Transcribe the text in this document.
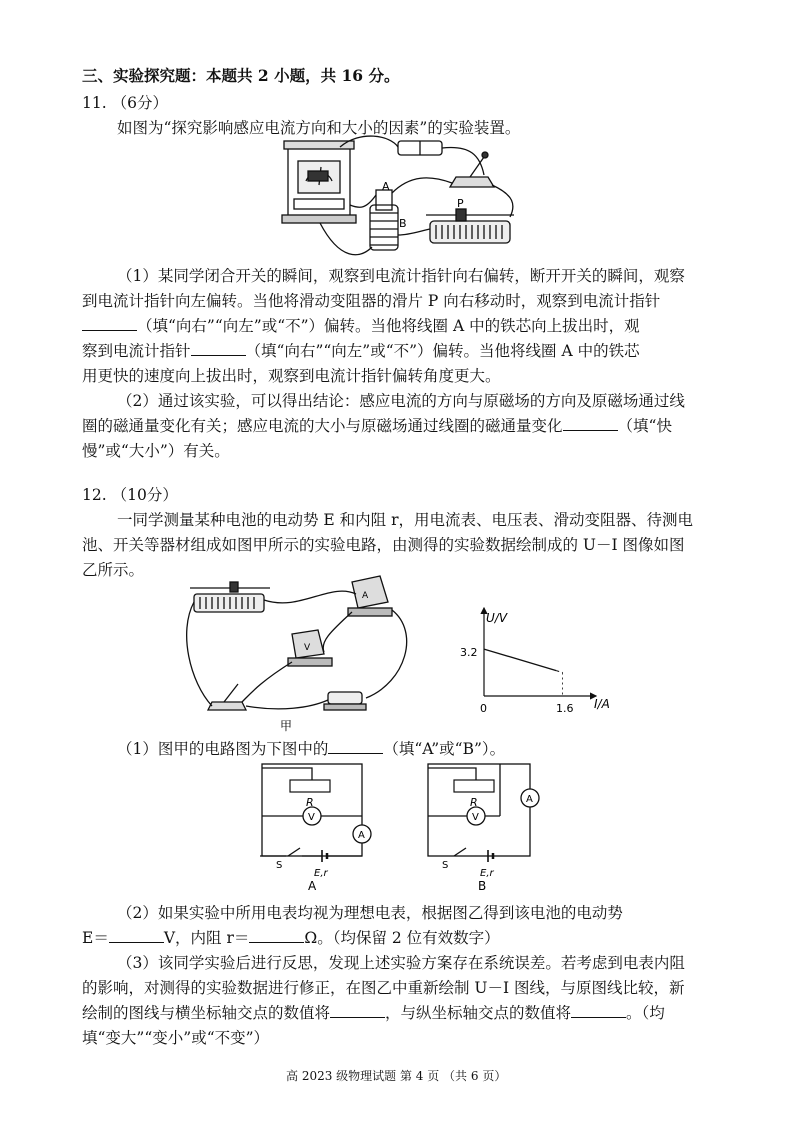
三、实验探究题：本题共 2 小题，共 16 分。
11. （6分）
如图为“探究影响感应电流方向和大小的因素”的实验装置。
A
B
P
（1）某同学闭合开关的瞬间，观察到电流计指针向右偏转，断开开关的瞬间，观察
到电流计指针向左偏转。当他将滑动变阻器的滑片 P 向右移动时，观察到电流计指针
（填“向右”“向左”或“不”）偏转。当他将线圈 A 中的铁芯向上拔出时，观
察到电流计指针	（填“向右”“向左”或“不”）偏转。当他将线圈 A 中的铁芯
用更快的速度向上拔出时，观察到电流计指针偏转角度更大。
（2）通过该实验，可以得出结论：感应电流的方向与原磁场的方向及原磁场通过线
圈的磁通量变化有关；感应电流的大小与原磁场通过线圈的磁通量变化	（填“快
慢”或“大小”）有关。
12. （10分）
一同学测量某种电池的电动势 E 和内阻 r，用电流表、电压表、滑动变阻器、待测电
池、开关等器材组成如图甲所示的实验电路，由测得的实验数据绘制成的 U－I 图像如图
乙所示。
A
V
甲
U/V
I/A
0
3.2
1.6
（1）图甲的电路图为下图中的	（填“A”或“B”）。
R
V
A
S
E,r
A
R
V
A
S
E,r
B
（2）如果实验中所用电表均视为理想电表，根据图乙得到该电池的电动势
E＝	V，内阻 r＝	Ω。（均保留 2 位有效数字）
（3）该同学实验后进行反思，发现上述实验方案存在系统误差。若考虑到电表内阻
的影响，对测得的实验数据进行修正，在图乙中重新绘制 U－I 图线，与原图线比较，新
绘制的图线与横坐标轴交点的数值将	，与纵坐标轴交点的数值将	。（均
填“变大”“变小”或“不变”）
高 2023 级物理试题 第 4 页 （共 6 页）
